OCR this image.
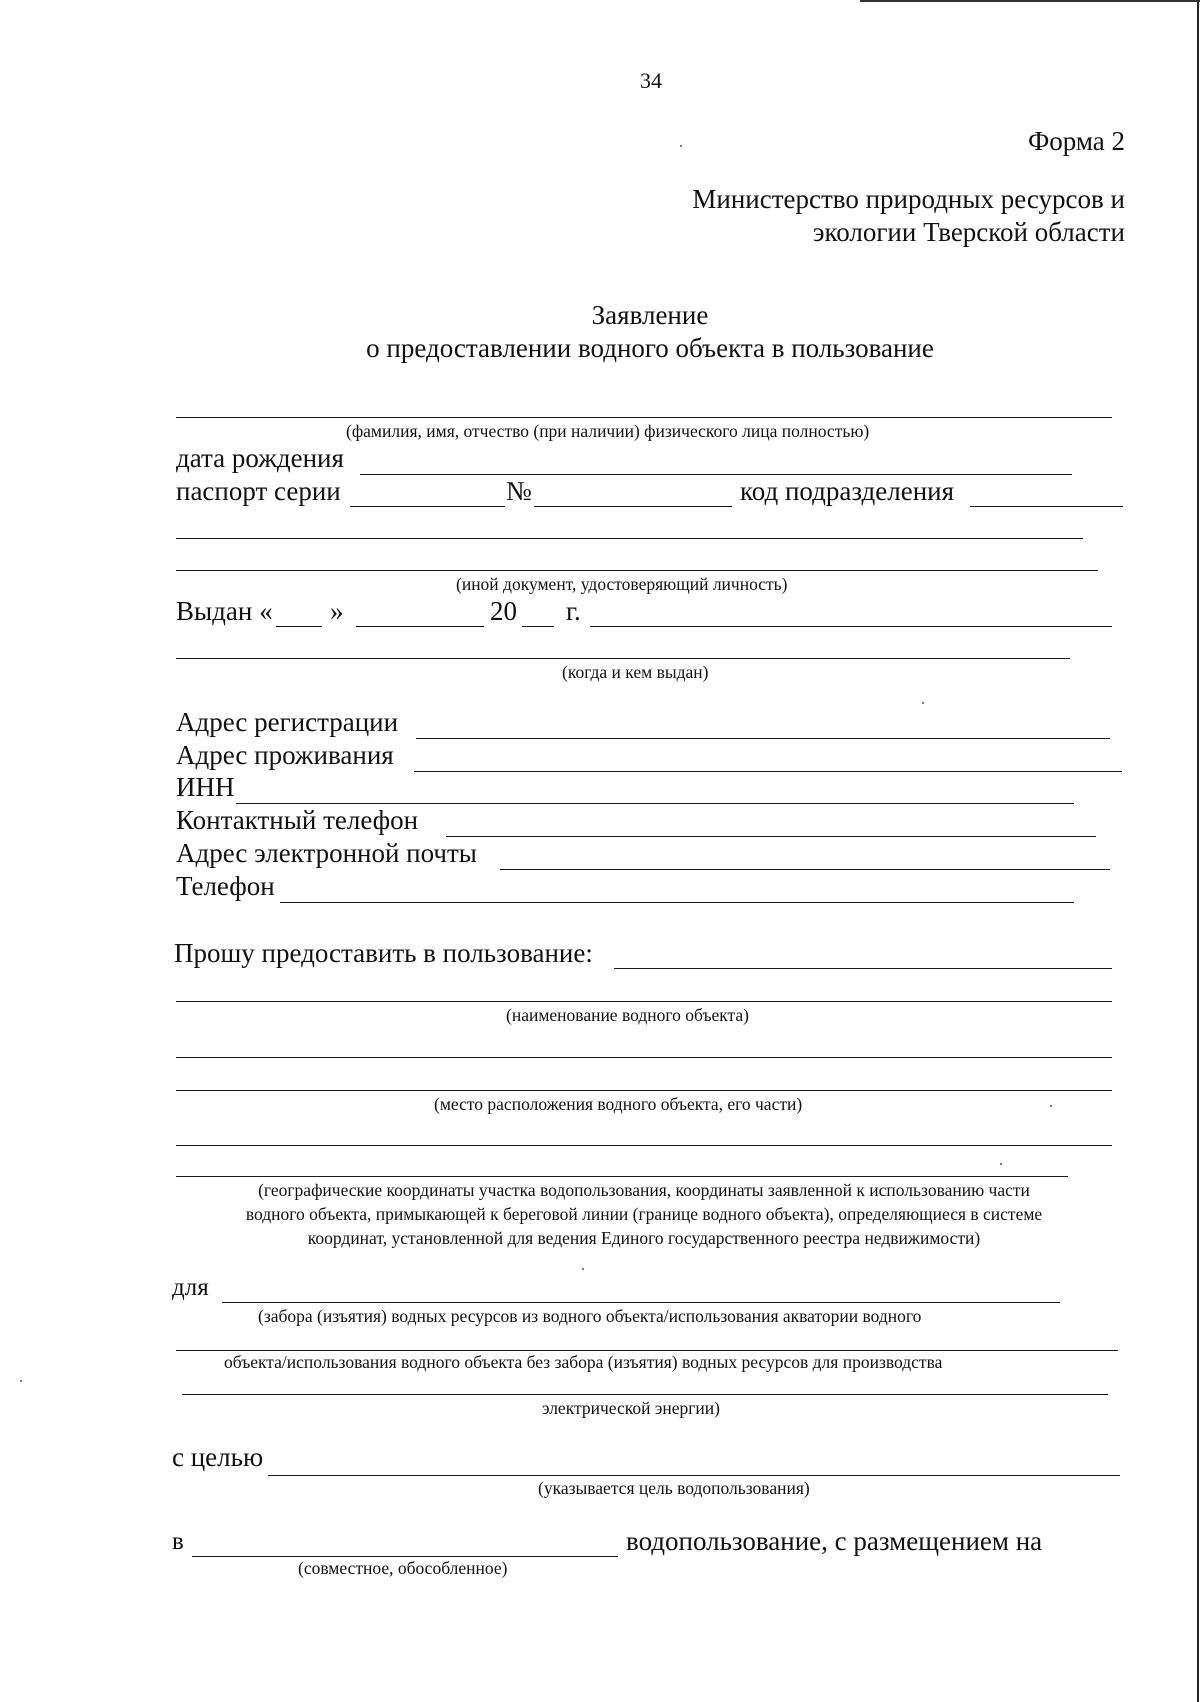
34
Форма 2
Министерство природных ресурсов и
экологии Тверской области
Заявление
о предоставлении водного объекта в пользование
(фамилия, имя, отчество (при наличии) физического лица полностью)
дата рождения
паспорт серии	№	код подразделения
(иной документ, удостоверяющий личность)
Выдан « »	20 г.
(когда и кем выдан)
Адрес регистрации
Адрес проживания
ИНН
Контактный телефон
Адрес электронной почты
Телефон
Прошу предоставить в пользование:
(наименование водного объекта)
(место расположения водного объекта, его части)
(географические координаты участка водопользования, координаты заявленной к использованию части
водного объекта, примыкающей к береговой линии (границе водного объекта), определяющиеся в системе
координат, установленной для ведения Единого государственного реестра недвижимости)
для
(забора (изъятия) водных ресурсов из водного объекта/использования акватории водного
объекта/использования водного объекта без забора (изъятия) водных ресурсов для производства
электрической энергии)
с целью
(указывается цель водопользования)
в	водопользование, с размещением на
(совместное, обособленное)
